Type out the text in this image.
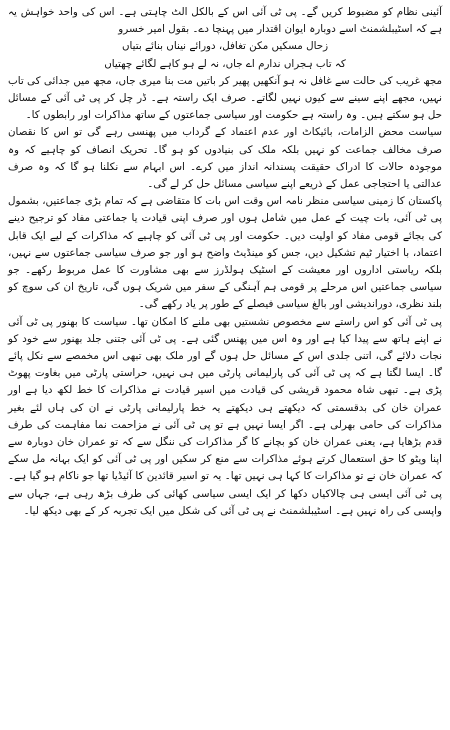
آئینی نظام کو مضبوط کریں گے۔ پی ٹی آئی اس کے بالکل الٹ چاہتی ہے۔ اس کی واحد خواہش یہ ہے کہ اسٹیبلشمنٹ اسے دوبارہ ایوان اقتدار میں پہنچا دے۔ بقول امیر خسرو

زحال مسکیں مکن تغافل، دورائے نیناں بنائے بتیاں
کہ تاب ہجراں ندارم اے جاں، نہ لے ہو کاہے لگائے چھتیاں

مجھ غریب کی حالت سے غافل نہ ہو آنکھیں پھیر کر باتیں مت بنا میری جاں، مجھ میں جدائی کی تاب نہیں، مجھے اپنے سینے سے کیوں نہیں لگاتے۔ صرف ایک راستہ ہے۔ ڈر چل کر پی ٹی آئی کے مسائل حل ہو سکتے ہیں۔ وہ راستہ ہے حکومت اور سیاسی جماعتوں کے ساتھ مذاکرات اور رابطوں کا۔

سیاست محض الزامات، بائیکاٹ اور عدم اعتماد کے گرداب میں پھنسی رہے گی تو اس کا نقصان صرف مخالف جماعت کو نہیں بلکہ ملک کی بنیادوں کو ہو گا۔ تحریک انصاف کو چاہیے کہ وہ موجودہ حالات کا ادراک حقیقت پسندانہ انداز میں کرے۔ اس ابہام سے نکلنا ہو گا کہ وہ صرف عدالتی یا احتجاجی عمل کے ذریعے اپنے سیاسی مسائل حل کر لے گی۔

پاکستان کا زمینی سیاسی منظر نامہ اس وقت اس بات کا متقاضی ہے کہ تمام بڑی جماعتیں، بشمول پی ٹی آئی، بات چیت کے عمل میں شامل ہوں اور صرف اپنی قیادت یا جماعتی مفاد کو ترجیح دینے کی بجائے قومی مفاد کو اولیت دیں۔ حکومت اور پی ٹی آئی کو چاہیے کہ مذاکرات کے لیے ایک قابل اعتماد، با اختیار ٹیم تشکیل دیں، جس کو مینڈیٹ واضح ہو اور جو صرف سیاسی جماعتوں سے نہیں، بلکہ ریاستی اداروں اور معیشت کے اسٹیک ہولڈرز سے بھی مشاورت کا عمل مربوط رکھے۔ جو سیاسی جماعتیں اس مرحلے پر قومی ہم آہنگی کے سفر میں شریک ہوں گی، تاریخ ان کی سوچ کو بلند نظری، دوراندیشی اور بالغ سیاسی فیصلے کے طور پر یاد رکھے گی۔

پی ٹی آئی کو اس راستے سے مخصوص نشستیں بھی ملنے کا امکان تھا۔ سیاست کا بھنور پی ٹی آئی نے اپنے ہاتھ سے پیدا کیا ہے اور وہ اس میں پھنس گئی ہے۔ پی ٹی آئی جتنی جلد بھنور سے خود کو نجات دلائے گی، اتنی جلدی اس کے مسائل حل ہوں گے اور ملک بھی تبھی اس مخمصے سے نکل پائے گا۔ ایسا لگتا ہے کہ پی ٹی آئی کی پارلیمانی پارٹی میں ہی نہیں، حراستی پارٹی میں بغاوت پھوٹ پڑی ہے۔ تبھی شاہ محمود قریشی کی قیادت میں اسیر قیادت نے مذاکرات کا خط لکھ دیا ہے اور عمران خان کی بدقسمتی کہ دیکھتے ہی دیکھتے یہ خط پارلیمانی پارٹی نے ان کی ہاں لئے بغیر مذاکرات کی حامی بھرلی ہے۔ اگر ایسا نہیں ہے تو پی ٹی آئی نے مزاحمت نما مفاہمت کی طرف قدم بڑھایا ہے، یعنی عمران خان کو بچانے کا گر مذاکرات کی ننگل سے کہ تو عمران خان دوبارہ سے اپنا ویٹو کا حق استعمال کرتے ہوئے مذاکرات سے منع کر سکیں اور پی ٹی آئی کو ایک بہانہ مل سکے کہ عمران خان نے تو مذاکرات کا کہا ہی نہیں تھا۔ یہ تو اسیر قائدین کا آئیڈیا تھا جو ناکام ہو گیا ہے۔ پی ٹی آئی ایسی ہی چالاکیاں دکھا کر ایک ایسی سیاسی کھائی کی طرف بڑھ رہی ہے، جہاں سے واپسی کی راہ نہیں ہے۔ اسٹیبلشمنٹ نے پی ٹی آئی کی شکل میں ایک تجربہ کر کے بھی دیکھ لیا۔
